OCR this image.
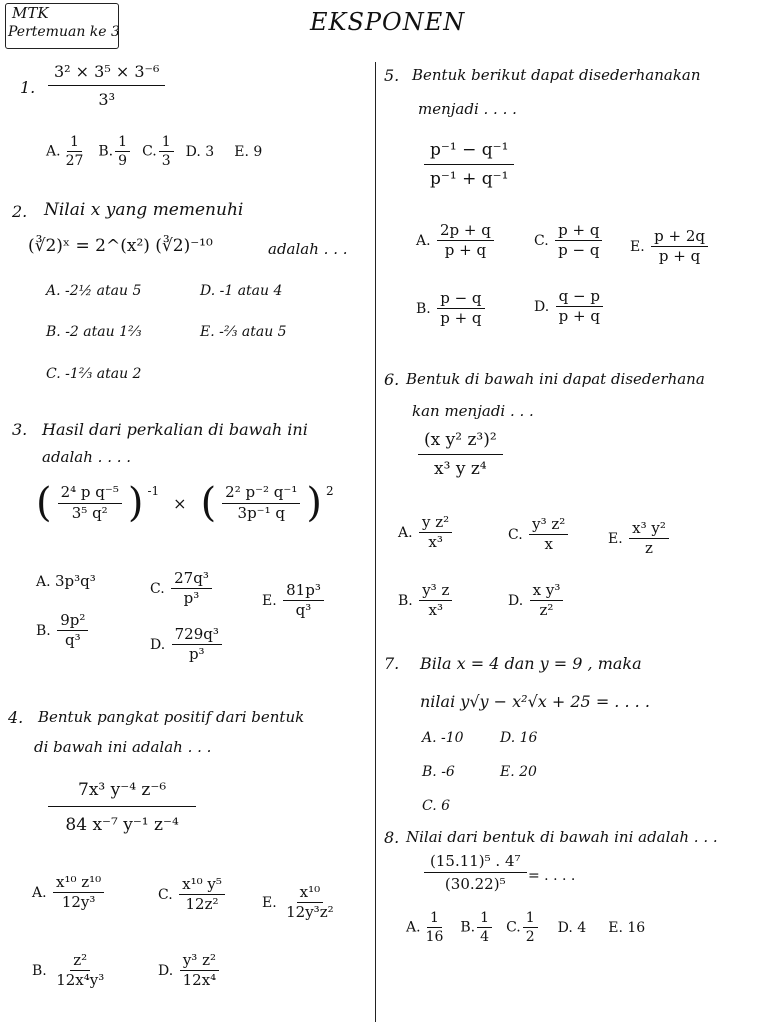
MTK
Pertemuan ke 3	EKSPONEN
1. $\frac{\text{3² × 3⁵ × 3⁻⁶}}{\text{3³}}$
A. $\frac{1}{27} B$. $\frac{1}{9} C$. $\frac{1}{3} D$. 3 E. 9
2. Nilai x yang memenuhi
(∛2)ˣ = 2^(x²) (∛2)⁻¹⁰	adalah . . .
A. -2½ atau 5	D. -1 atau 4
B. -2 atau 1⅔	E. -⅔ atau 5
C. -1⅔ atau 2
3. Hasil dari perkalian di bawah ini
adalah . . . .
( $\frac{\text{2⁴ p q⁻⁵}}{\text{3⁵ q²}}$ ) $^{-1}$
× ( $\frac{\text{2² p⁻² q⁻¹}}{\text{3p⁻¹ q}}$ ) $^2$
A. 3p³q³
B. $\frac{\text{9p²}}{\text{q³}}$
C. $\frac{\text{27q³}}{\text{p³}}$
D. $\frac{\text{729q³}}{\text{p³}}$
E. $\frac{\text{81p³}}{\text{q³}}$
4. Bentuk pangkat positif dari bentuk
di bawah ini adalah . . .
$\frac{\text{7x³ y⁻⁴ z⁻⁶}}{\text{84 x⁻⁷ y⁻¹ z⁻⁴}}$
A. $\frac{\text{x¹⁰ z¹⁰}}{\text{12y³}}$
B. $\frac{\text{z²}}{\text{12x⁴y³}}$
C. $\frac{\text{x¹⁰ y⁵}}{\text{12z²}}$
D. $\frac{\text{y³ z²}}{\text{12x⁴}}$
E. $\frac{\text{x¹⁰}}{\text{12y³z²}}$
5. Bentuk berikut dapat disederhanakan
menjadi . . . .
$\frac{\text{p⁻¹ − q⁻¹}}{\text{p⁻¹ + q⁻¹}}$
A. $\frac{2p + q}{p + q}$
B. $\frac{p - q}{p + q}$
C. $\frac{p + q}{p - q}$
D. $\frac{q - p}{p + q}$
E. $\frac{p + 2q}{p + q}$
6. Bentuk di bawah ini dapat disederhana
kan menjadi . . .
$\frac{\text{(x y² z³)²}}{\text{x³ y z⁴}}$
A. $\frac{\text{y z²}}{\text{x³}}$
B. $\frac{\text{y³ z}}{\text{x³}}$
C. $\frac{\text{y³ z²}}{x}$
D. $\frac{\text{x y³}}{\text{z²}}$
E. $\frac{\text{x³ y²}}{z}$
7. Bila x = 4 dan y = 9 , maka
nilai y√y − x²√x + 25 = . . . .
A. -10	D. 16
B. -6	E. 20
C. 6
8. Nilai dari bentuk di bawah ini adalah . . .
$\frac{\text{(15.11)⁵ . 4⁷}}{\text{(30.22)⁵}}$ = . . . .
A. $\frac{1}{16} B$. $\frac{1}{4} C$. $\frac{1}{2} D$. 4 E. 16
